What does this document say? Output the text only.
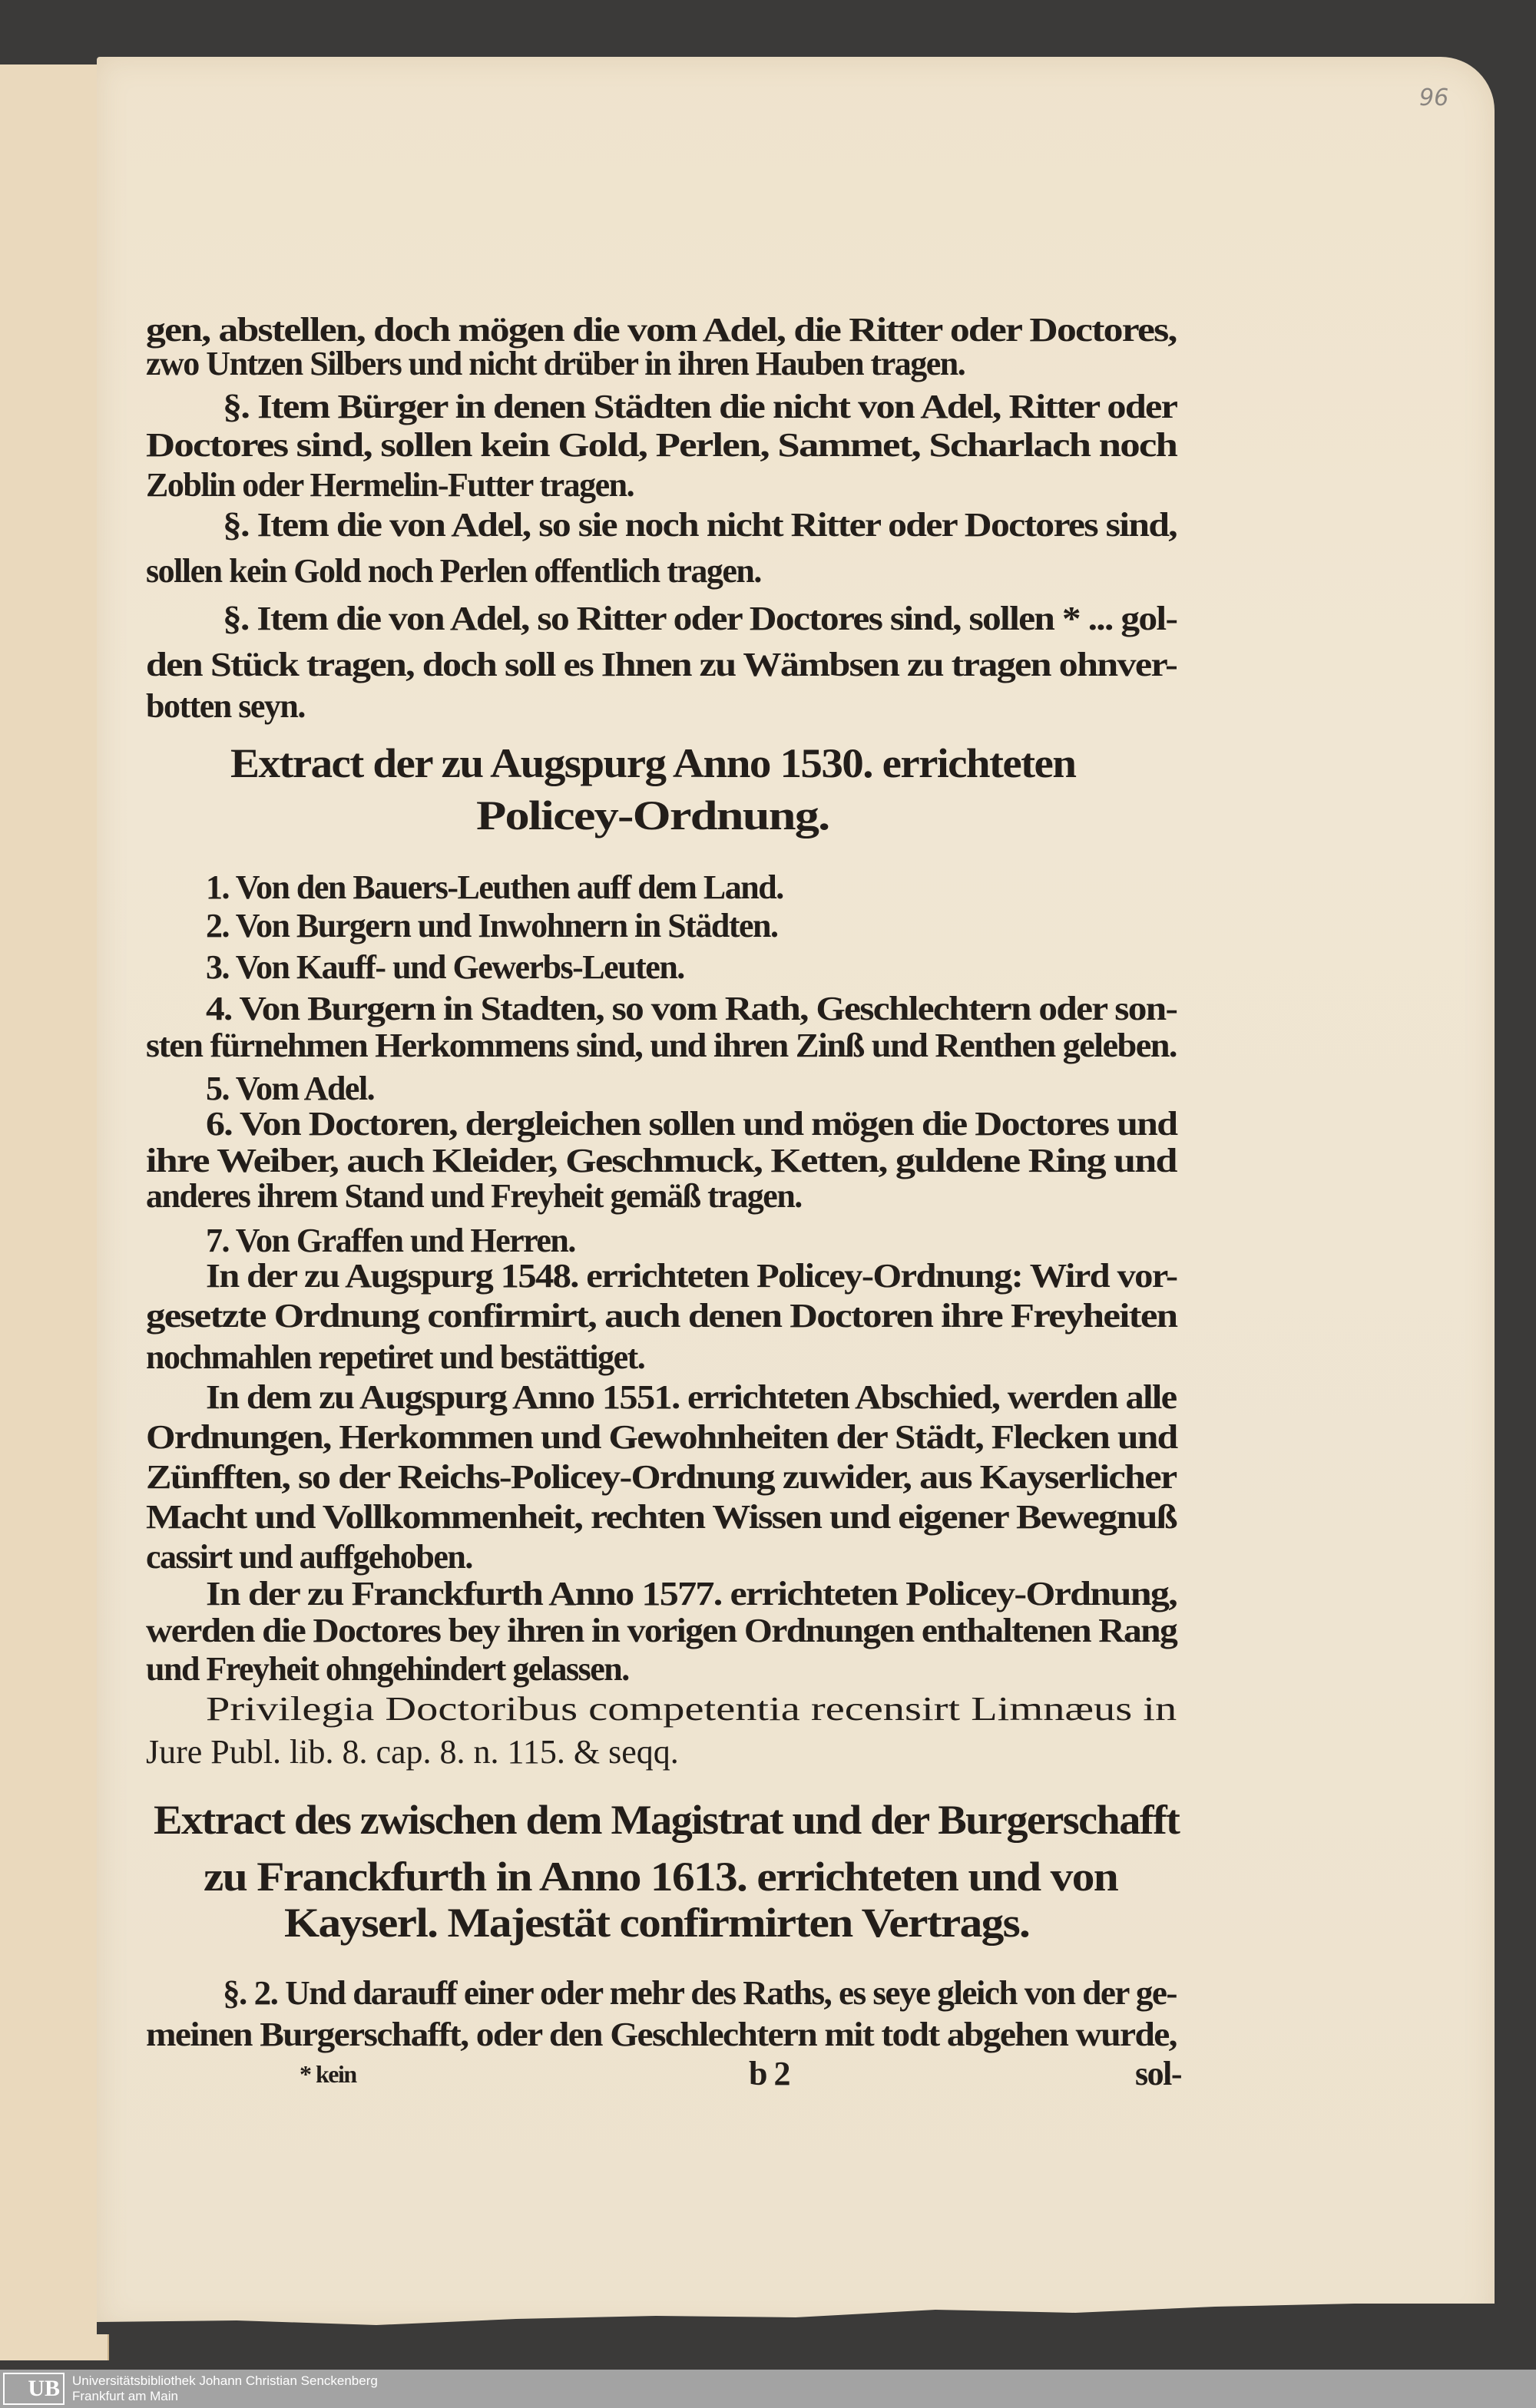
96
gen, abstellen, doch mögen die vom Adel, die Ritter oder Doctores,
zwo Untzen Silbers und nicht drüber in ihren Hauben tragen.
§. Item Bürger in denen Städten die nicht von Adel, Ritter oder
Doctores sind, sollen kein Gold, Perlen, Sammet, Scharlach noch
Zoblin oder Hermelin-Futter tragen.
§. Item die von Adel, so sie noch nicht Ritter oder Doctores sind,
sollen kein Gold noch Perlen offentlich tragen.
§. Item die von Adel, so Ritter oder Doctores sind, sollen * ... gol-
den Stück tragen, doch soll es Ihnen zu Wämbsen zu tragen ohnver-
botten seyn.
Extract der zu Augspurg Anno 1530. errichteten
Policey-Ordnung.
1. Von den Bauers-Leuthen auff dem Land.
2. Von Burgern und Inwohnern in Städten.
3. Von Kauff- und Gewerbs-Leuten.
4. Von Burgern in Stadten, so vom Rath, Geschlechtern oder son-
sten fürnehmen Herkommens sind, und ihren Zinß und Renthen geleben.
5. Vom Adel.
6. Von Doctoren, dergleichen sollen und mögen die Doctores und
ihre Weiber, auch Kleider, Geschmuck, Ketten, guldene Ring und
anderes ihrem Stand und Freyheit gemäß tragen.
7. Von Graffen und Herren.
In der zu Augspurg 1548. errichteten Policey-Ordnung: Wird vor-
gesetzte Ordnung confirmirt, auch denen Doctoren ihre Freyheiten
nochmahlen repetiret und bestättiget.
In dem zu Augspurg Anno 1551. errichteten Abschied, werden alle
Ordnungen, Herkommen und Gewohnheiten der Städt, Flecken und
Zünfften, so der Reichs-Policey-Ordnung zuwider, aus Kayserlicher
Macht und Vollkommenheit, rechten Wissen und eigener Bewegnuß
cassirt und auffgehoben.
In der zu Franckfurth Anno 1577. errichteten Policey-Ordnung,
werden die Doctores bey ihren in vorigen Ordnungen enthaltenen Rang
und Freyheit ohngehindert gelassen.
Privilegia Doctoribus competentia recensirt Limnæus in
Jure Publ. lib. 8. cap. 8. n. 115. & seqq.
Extract des zwischen dem Magistrat und der Burgerschafft
zu Franckfurth in Anno 1613. errichteten und von
Kayserl. Majestät confirmirten Vertrags.
§. 2. Und darauff einer oder mehr des Raths, es seye gleich von der ge-
meinen Burgerschafft, oder den Geschlechtern mit todt abgehen wurde,
* kein	b 2	sol-
UB Universitätsbibliothek Johann Christian Senckenberg
Frankfurt am Main
